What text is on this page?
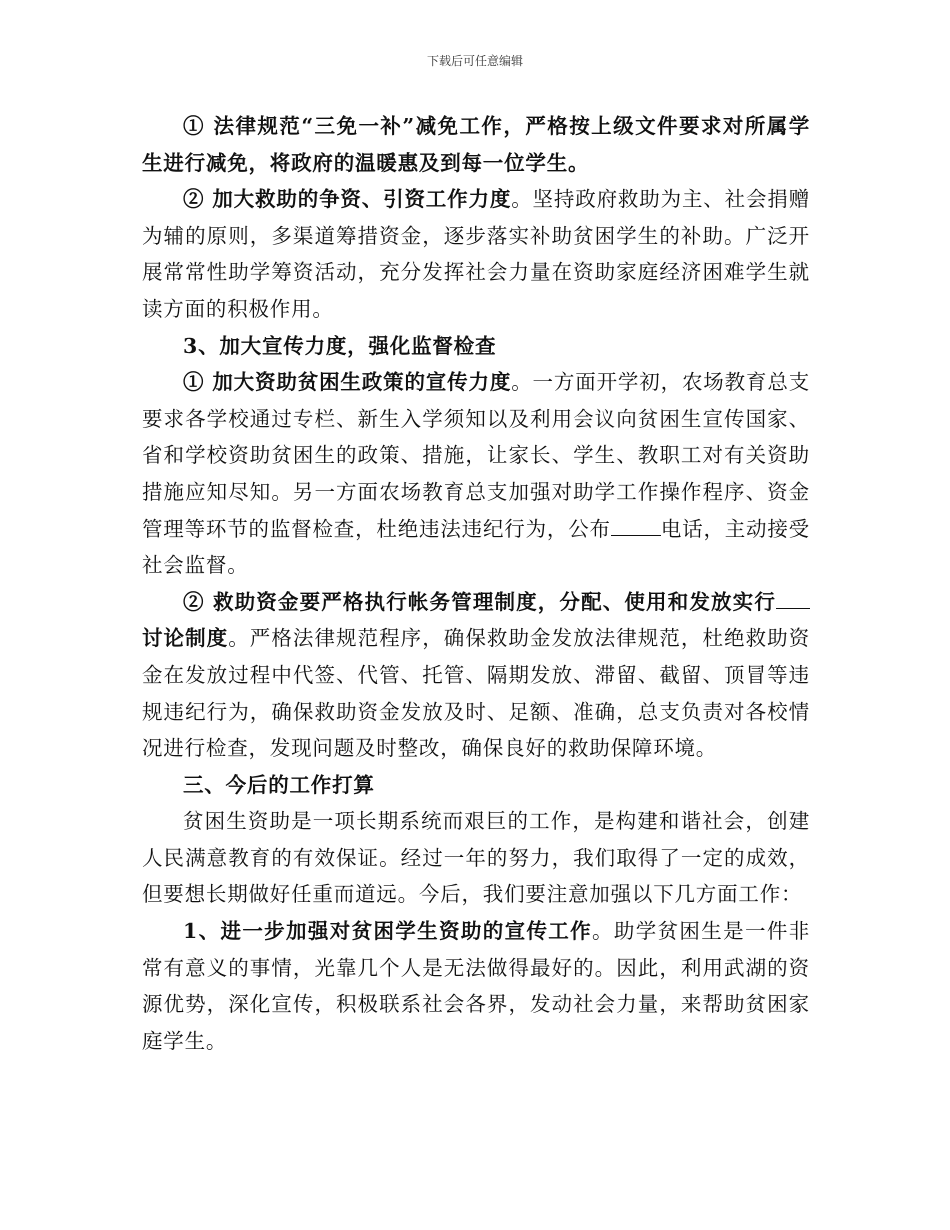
下载后可任意编辑

① 法律规范“三免一补”减免工作，严格按上级文件要求对所属学生进行减免，将政府的温暖惠及到每一位学生。

② 加大救助的争资、引资工作力度。坚持政府救助为主、社会捐赠为辅的原则，多渠道筹措资金，逐步落实补助贫困学生的补助。广泛开展常常性助学筹资活动，充分发挥社会力量在资助家庭经济困难学生就读方面的积极作用。

3、加大宣传力度，强化监督检查

① 加大资助贫困生政策的宣传力度。一方面开学初，农场教育总支要求各学校通过专栏、新生入学须知以及利用会议向贫困生宣传国家、省和学校资助贫困生的政策、措施，让家长、学生、教职工对有关资助措施应知尽知。另一方面农场教育总支加强对助学工作操作程序、资金管理等环节的监督检查，杜绝违法违纪行为，公布 电话，主动接受社会监督。

② 救助资金要严格执行帐务管理制度，分配、使用和发放实行讨论制度。严格法律规范程序，确保救助金发放法律规范，杜绝救助资金在发放过程中代签、代管、托管、隔期发放、滞留、截留、顶冒等违规违纪行为，确保救助资金发放及时、足额、准确，总支负责对各校情况进行检查，发现问题及时整改，确保良好的救助保障环境。

三、今后的工作打算

贫困生资助是一项长期系统而艰巨的工作，是构建和谐社会，创建人民满意教育的有效保证。经过一年的努力，我们取得了一定的成效，但要想长期做好任重而道远。今后，我们要注意加强以下几方面工作：

1、进一步加强对贫困学生资助的宣传工作。助学贫困生是一件非常有意义的事情，光靠几个人是无法做得最好的。因此，利用武湖的资源优势，深化宣传，积极联系社会各界，发动社会力量，来帮助贫困家庭学生。
